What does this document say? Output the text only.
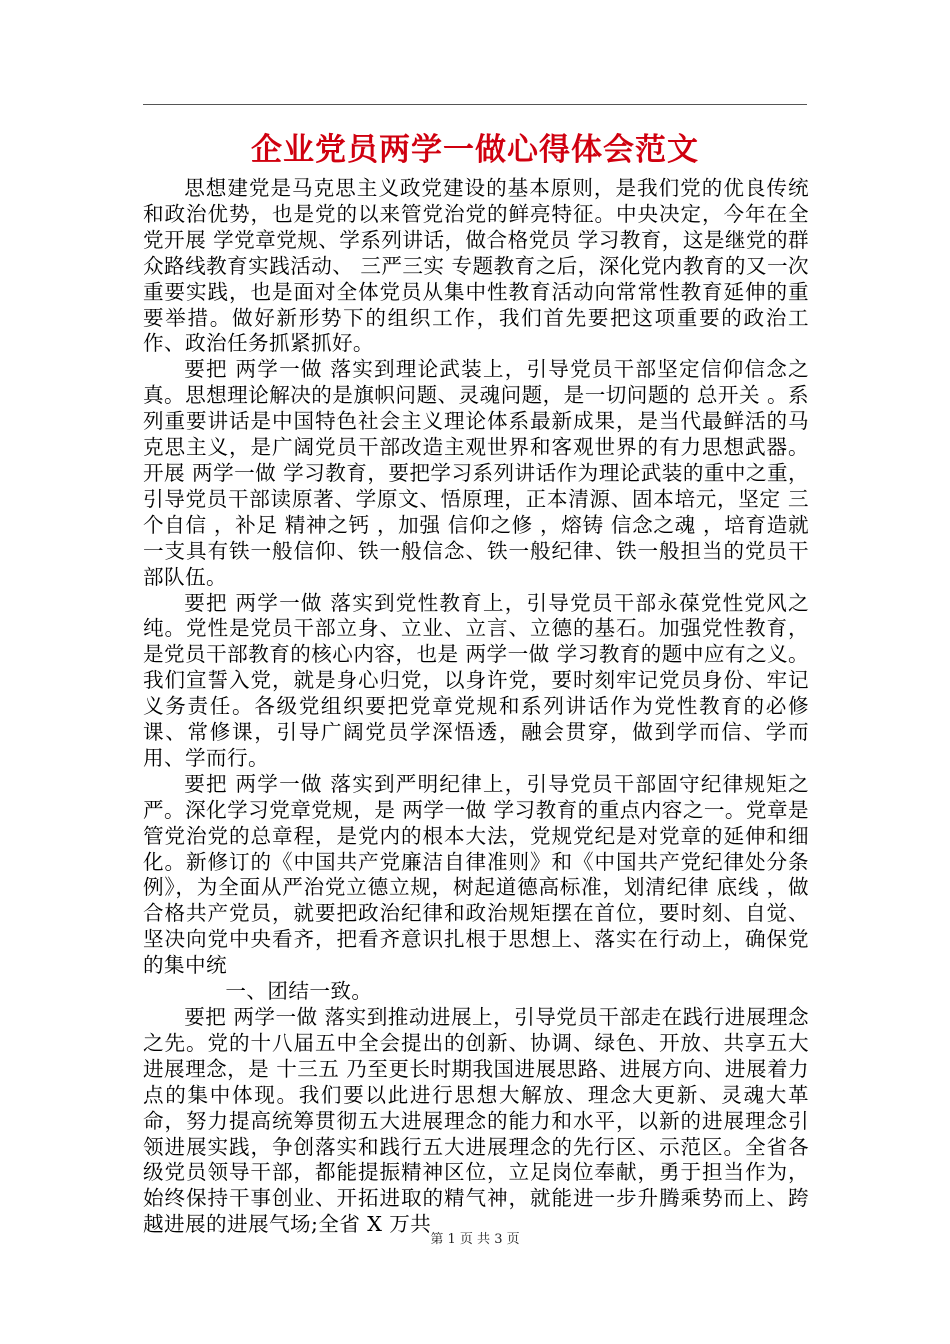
企业党员两学一做心得体会范文

思想建党是马克思主义政党建设的基本原则，是我们党的优良传统和政治优势，也是党的以来管党治党的鲜亮特征。中央决定，今年在全党开展 学党章党规、学系列讲话，做合格党员 学习教育，这是继党的群众路线教育实践活动、 三严三实 专题教育之后，深化党内教育的又一次重要实践，也是面对全体党员从集中性教育活动向常常性教育延伸的重要举措。做好新形势下的组织工作，我们首先要把这项重要的政治工作、政治任务抓紧抓好。

要把 两学一做 落实到理论武装上，引导党员干部坚定信仰信念之真。思想理论解决的是旗帜问题、灵魂问题，是一切问题的 总开关 。系列重要讲话是中国特色社会主义理论体系最新成果，是当代最鲜活的马克思主义，是广阔党员干部改造主观世界和客观世界的有力思想武器。开展 两学一做 学习教育，要把学习系列讲话作为理论武装的重中之重，引导党员干部读原著、学原文、悟原理，正本清源、固本培元，坚定 三个自信 ，补足 精神之钙 ，加强 信仰之修 ，熔铸 信念之魂 ，培育造就一支具有铁一般信仰、铁一般信念、铁一般纪律、铁一般担当的党员干部队伍。

要把 两学一做 落实到党性教育上，引导党员干部永葆党性党风之纯。党性是党员干部立身、立业、立言、立德的基石。加强党性教育，是党员干部教育的核心内容，也是 两学一做 学习教育的题中应有之义。我们宣誓入党，就是身心归党，以身许党，要时刻牢记党员身份、牢记义务责任。各级党组织要把党章党规和系列讲话作为党性教育的必修课、常修课，引导广阔党员学深悟透，融会贯穿，做到学而信、学而用、学而行。

要把 两学一做 落实到严明纪律上，引导党员干部固守纪律规矩之严。深化学习党章党规，是 两学一做 学习教育的重点内容之一。党章是管党治党的总章程，是党内的根本大法，党规党纪是对党章的延伸和细化。新修订的《中国共产党廉洁自律准则》和《中国共产党纪律处分条例》，为全面从严治党立德立规，树起道德高标准，划清纪律 底线 ，做合格共产党员，就要把政治纪律和政治规矩摆在首位，要时刻、自觉、坚决向党中央看齐，把看齐意识扎根于思想上、落实在行动上，确保党的集中统

一、团结一致。

要把 两学一做 落实到推动进展上，引导党员干部走在践行进展理念之先。党的十八届五中全会提出的创新、协调、绿色、开放、共享五大进展理念，是 十三五 乃至更长时期我国进展思路、进展方向、进展着力点的集中体现。我们要以此进行思想大解放、理念大更新、灵魂大革命，努力提高统筹贯彻五大进展理念的能力和水平，以新的进展理念引领进展实践，争创落实和践行五大进展理念的先行区、示范区。全省各级党员领导干部，都能提振精神区位，立足岗位奉献，勇于担当作为，始终保持干事创业、开拓进取的精气神，就能进一步升腾乘势而上、跨越进展的进展气场;全省 X 万共

第 1 页 共 3 页
